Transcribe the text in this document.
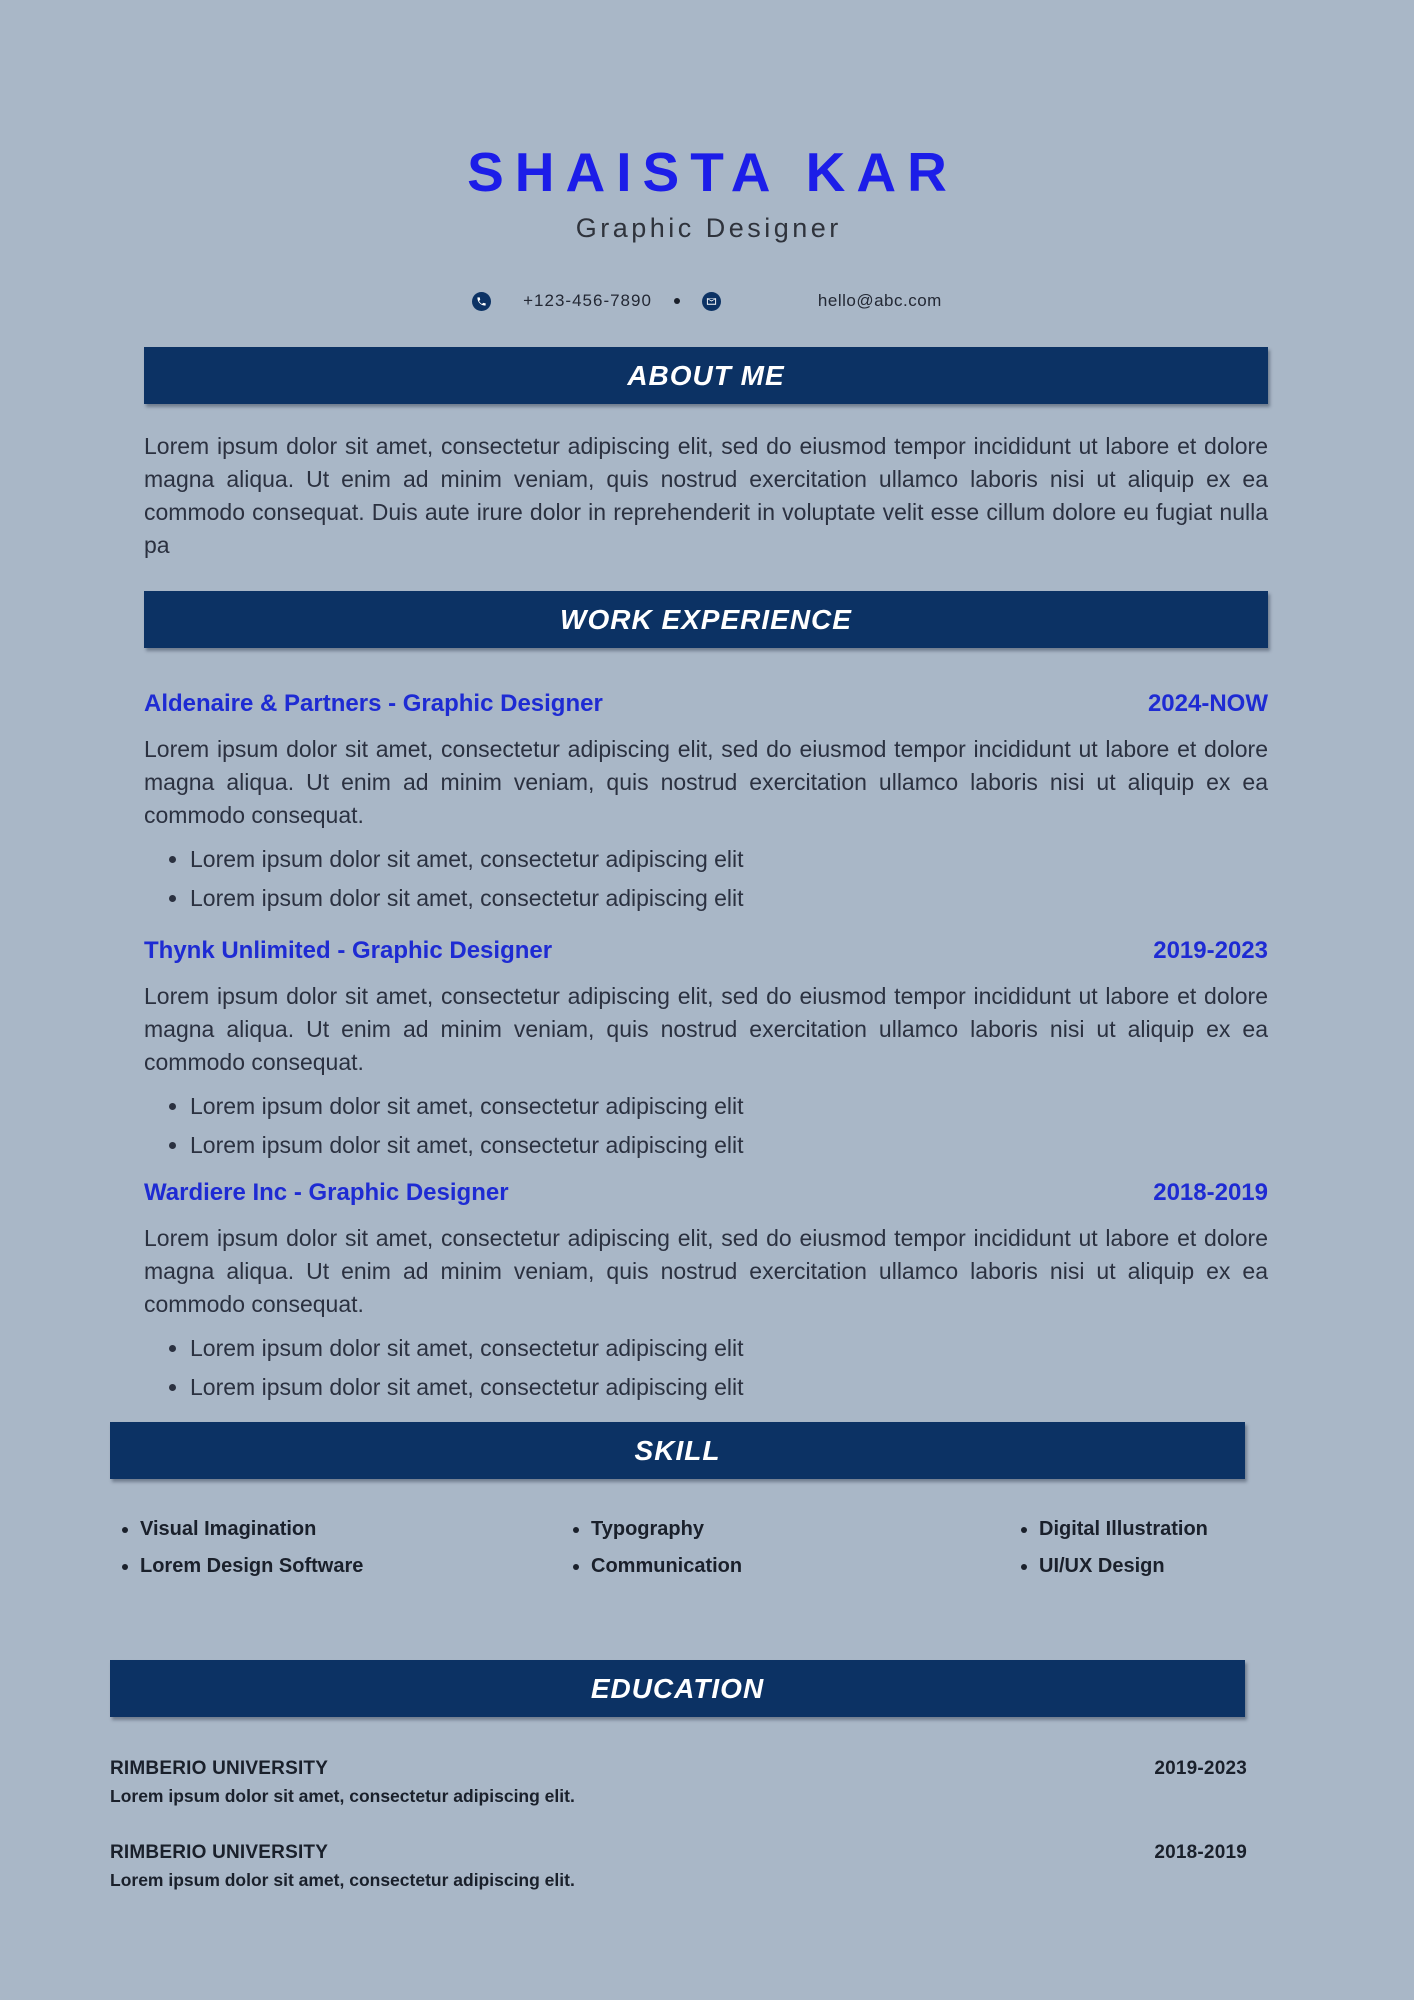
SHAISTA KAR
Graphic Designer
+123-456-7890	hello@abc.com
ABOUT ME
Lorem ipsum dolor sit amet, consectetur adipiscing elit, sed do eiusmod tempor incididunt ut labore et dolore magna aliqua. Ut enim ad minim veniam, quis nostrud exercitation ullamco laboris nisi ut aliquip ex ea commodo consequat. Duis aute irure dolor in reprehenderit in voluptate velit esse cillum dolore eu fugiat nulla pa
WORK EXPERIENCE
Aldenaire & Partners - Graphic Designer	2024-NOW
Lorem ipsum dolor sit amet, consectetur adipiscing elit, sed do eiusmod tempor incididunt ut labore et dolore magna aliqua. Ut enim ad minim veniam, quis nostrud exercitation ullamco laboris nisi ut aliquip ex ea commodo consequat.
• Lorem ipsum dolor sit amet, consectetur adipiscing elit
• Lorem ipsum dolor sit amet, consectetur adipiscing elit
Thynk Unlimited - Graphic Designer	2019-2023
Lorem ipsum dolor sit amet, consectetur adipiscing elit, sed do eiusmod tempor incididunt ut labore et dolore magna aliqua. Ut enim ad minim veniam, quis nostrud exercitation ullamco laboris nisi ut aliquip ex ea commodo consequat.
• Lorem ipsum dolor sit amet, consectetur adipiscing elit
• Lorem ipsum dolor sit amet, consectetur adipiscing elit
Wardiere Inc - Graphic Designer	2018-2019
Lorem ipsum dolor sit amet, consectetur adipiscing elit, sed do eiusmod tempor incididunt ut labore et dolore magna aliqua. Ut enim ad minim veniam, quis nostrud exercitation ullamco laboris nisi ut aliquip ex ea commodo consequat.
• Lorem ipsum dolor sit amet, consectetur adipiscing elit
• Lorem ipsum dolor sit amet, consectetur adipiscing elit
SKILL
• Visual Imagination
• Lorem Design Software
• Typography
• Communication
• Digital Illustration
• UI/UX Design
EDUCATION
RIMBERIO UNIVERSITY	2019-2023
Lorem ipsum dolor sit amet, consectetur adipiscing elit.
RIMBERIO UNIVERSITY	2018-2019
Lorem ipsum dolor sit amet, consectetur adipiscing elit.
